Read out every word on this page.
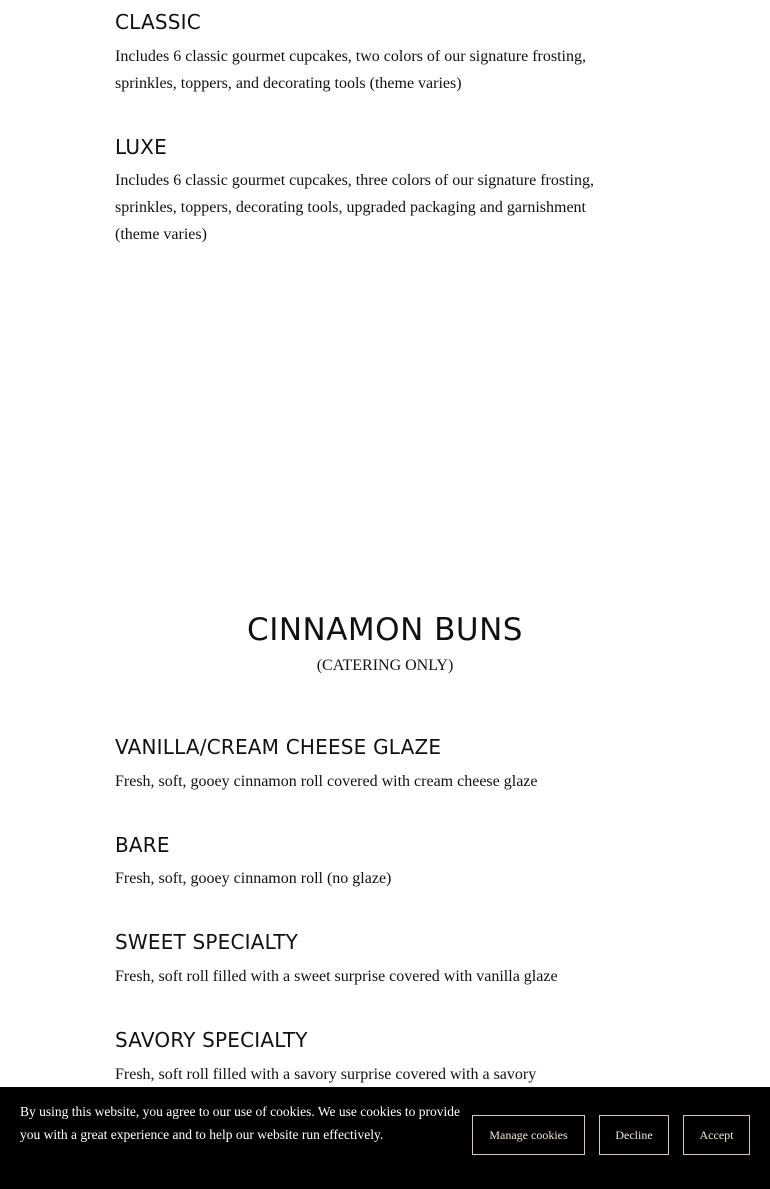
CLASSIC

Includes 6 classic gourmet cupcakes, two colors of our signature frosting, sprinkles, toppers, and decorating tools (theme varies)

LUXE

Includes 6 classic gourmet cupcakes, three colors of our signature frosting, sprinkles, toppers, decorating tools, upgraded packaging and garnishment (theme varies)

CINNAMON BUNS

(CATERING ONLY)

VANILLA/CREAM CHEESE GLAZE

Fresh, soft, gooey cinnamon roll covered with cream cheese glaze

BARE

Fresh, soft, gooey cinnamon roll (no glaze)

SWEET SPECIALTY

Fresh, soft roll filled with a sweet surprise covered with vanilla glaze

SAVORY SPECIALTY

Fresh, soft roll filled with a savory surprise covered with a savory

By using this website, you agree to our use of cookies. We use cookies to provide you with a great experience and to help our website run effectively.	Manage cookies	Decline	Accept
